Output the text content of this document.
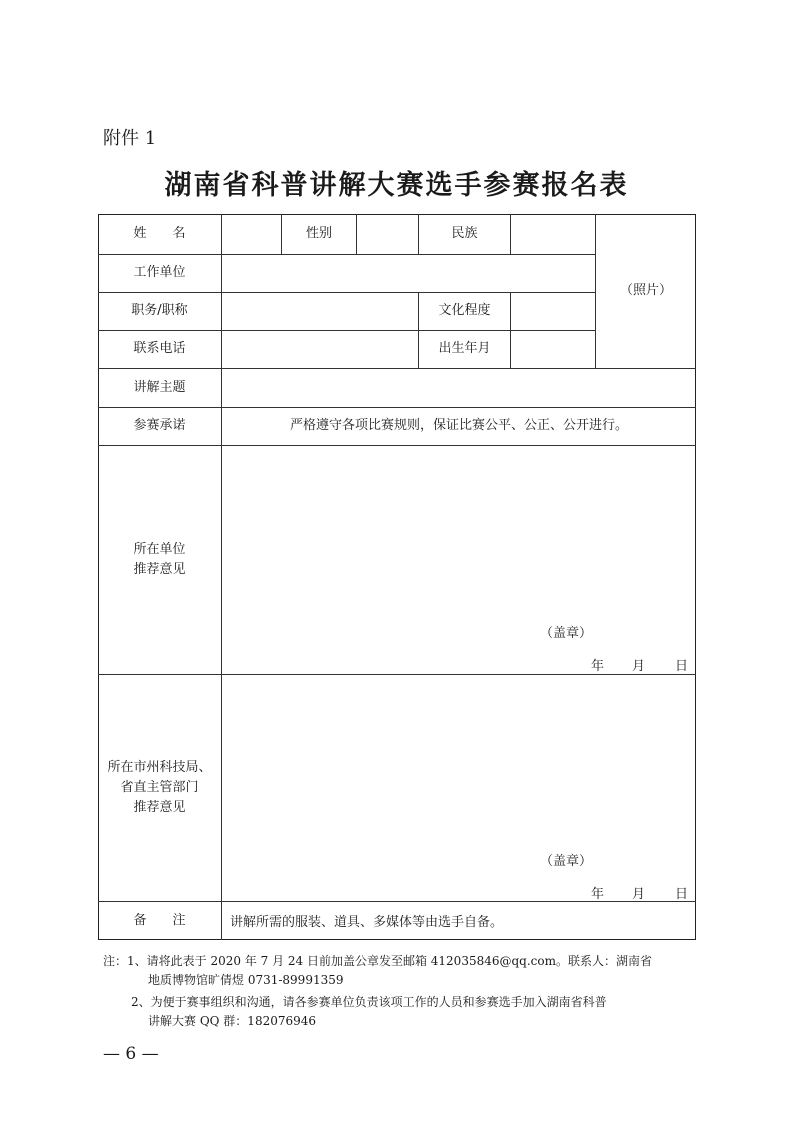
附件 1
湖南省科普讲解大赛选手参赛报名表
姓　　名	性别	民族
（照片）
工作单位
职务/职称	文化程度
联系电话	出生年月
讲解主题
参赛承诺	严格遵守各项比赛规则，保证比赛公平、公正、公开进行。
所在单位
推荐意见
（盖章）
年 月 日
所在市州科技局、
省直主管部门
推荐意见
（盖章）
年 月 日
备　　注	讲解所需的服装、道具、多媒体等由选手自备。
注：1、请将此表于 2020 年 7 月 24 日前加盖公章发至邮箱 412035846@qq.com。联系人：湖南省
地质博物馆旷倩煜 0731-89991359
2、为便于赛事组织和沟通，请各参赛单位负责该项工作的人员和参赛选手加入湖南省科普
讲解大赛 QQ 群：182076946
— 6 —
